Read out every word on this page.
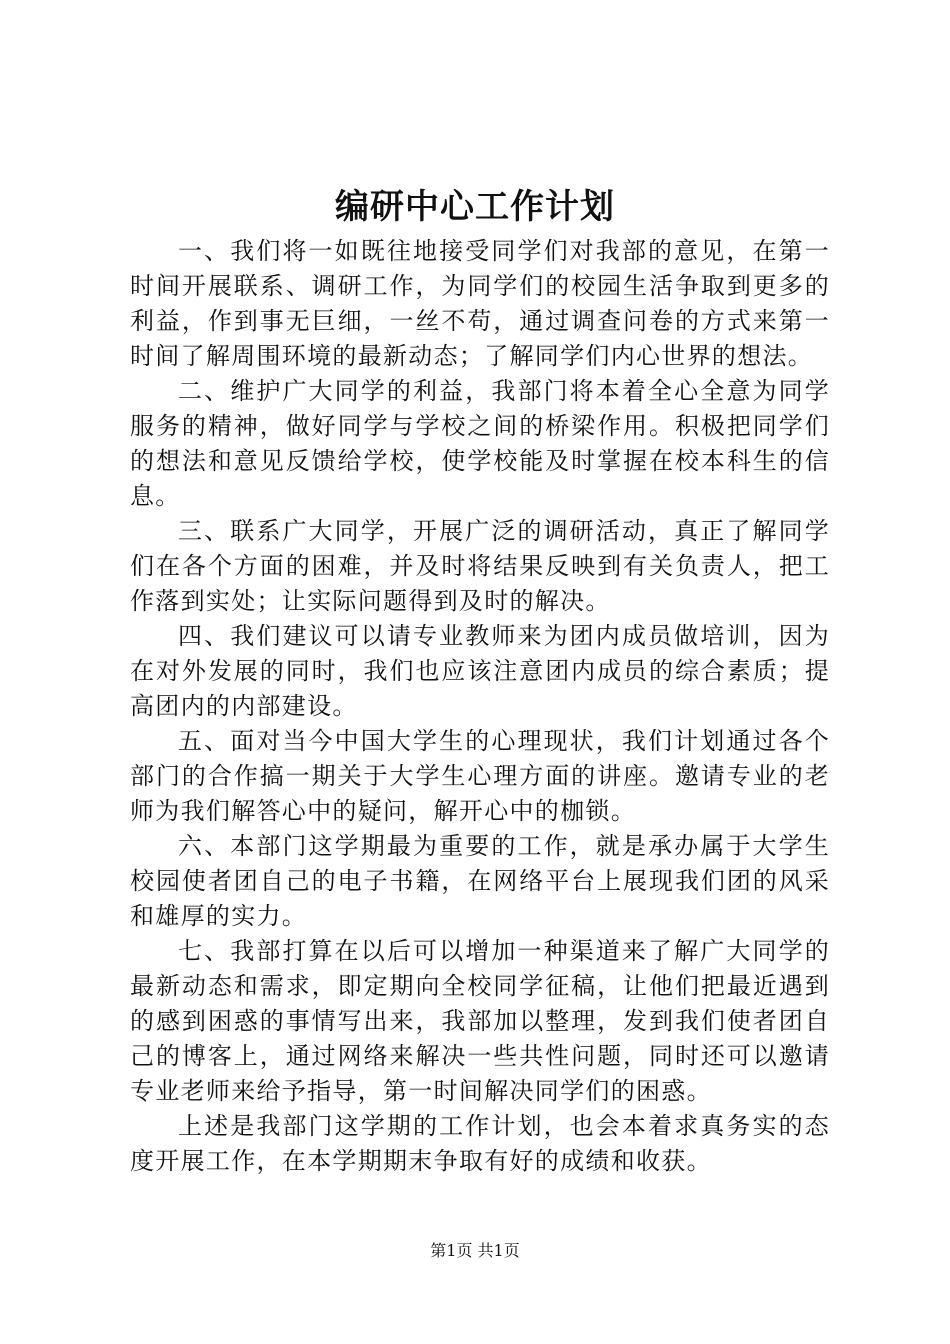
编研中心工作计划

一、我们将一如既往地接受同学们对我部的意见，在第一时间开展联系、调研工作，为同学们的校园生活争取到更多的利益，作到事无巨细，一丝不苟，通过调查问卷的方式来第一时间了解周围环境的最新动态；了解同学们内心世界的想法。

二、维护广大同学的利益，我部门将本着全心全意为同学服务的精神，做好同学与学校之间的桥梁作用。积极把同学们的想法和意见反馈给学校，使学校能及时掌握在校本科生的信息。

三、联系广大同学，开展广泛的调研活动，真正了解同学们在各个方面的困难，并及时将结果反映到有关负责人，把工作落到实处；让实际问题得到及时的解决。

四、我们建议可以请专业教师来为团内成员做培训，因为在对外发展的同时，我们也应该注意团内成员的综合素质；提高团内的内部建设。

五、面对当今中国大学生的心理现状，我们计划通过各个部门的合作搞一期关于大学生心理方面的讲座。邀请专业的老师为我们解答心中的疑问，解开心中的枷锁。

六、本部门这学期最为重要的工作，就是承办属于大学生校园使者团自己的电子书籍，在网络平台上展现我们团的风采和雄厚的实力。

七、我部打算在以后可以增加一种渠道来了解广大同学的最新动态和需求，即定期向全校同学征稿，让他们把最近遇到的感到困惑的事情写出来，我部加以整理，发到我们使者团自己的博客上，通过网络来解决一些共性问题，同时还可以邀请专业老师来给予指导，第一时间解决同学们的困惑。

上述是我部门这学期的工作计划，也会本着求真务实的态度开展工作，在本学期期末争取有好的成绩和收获。

第1页 共1页
